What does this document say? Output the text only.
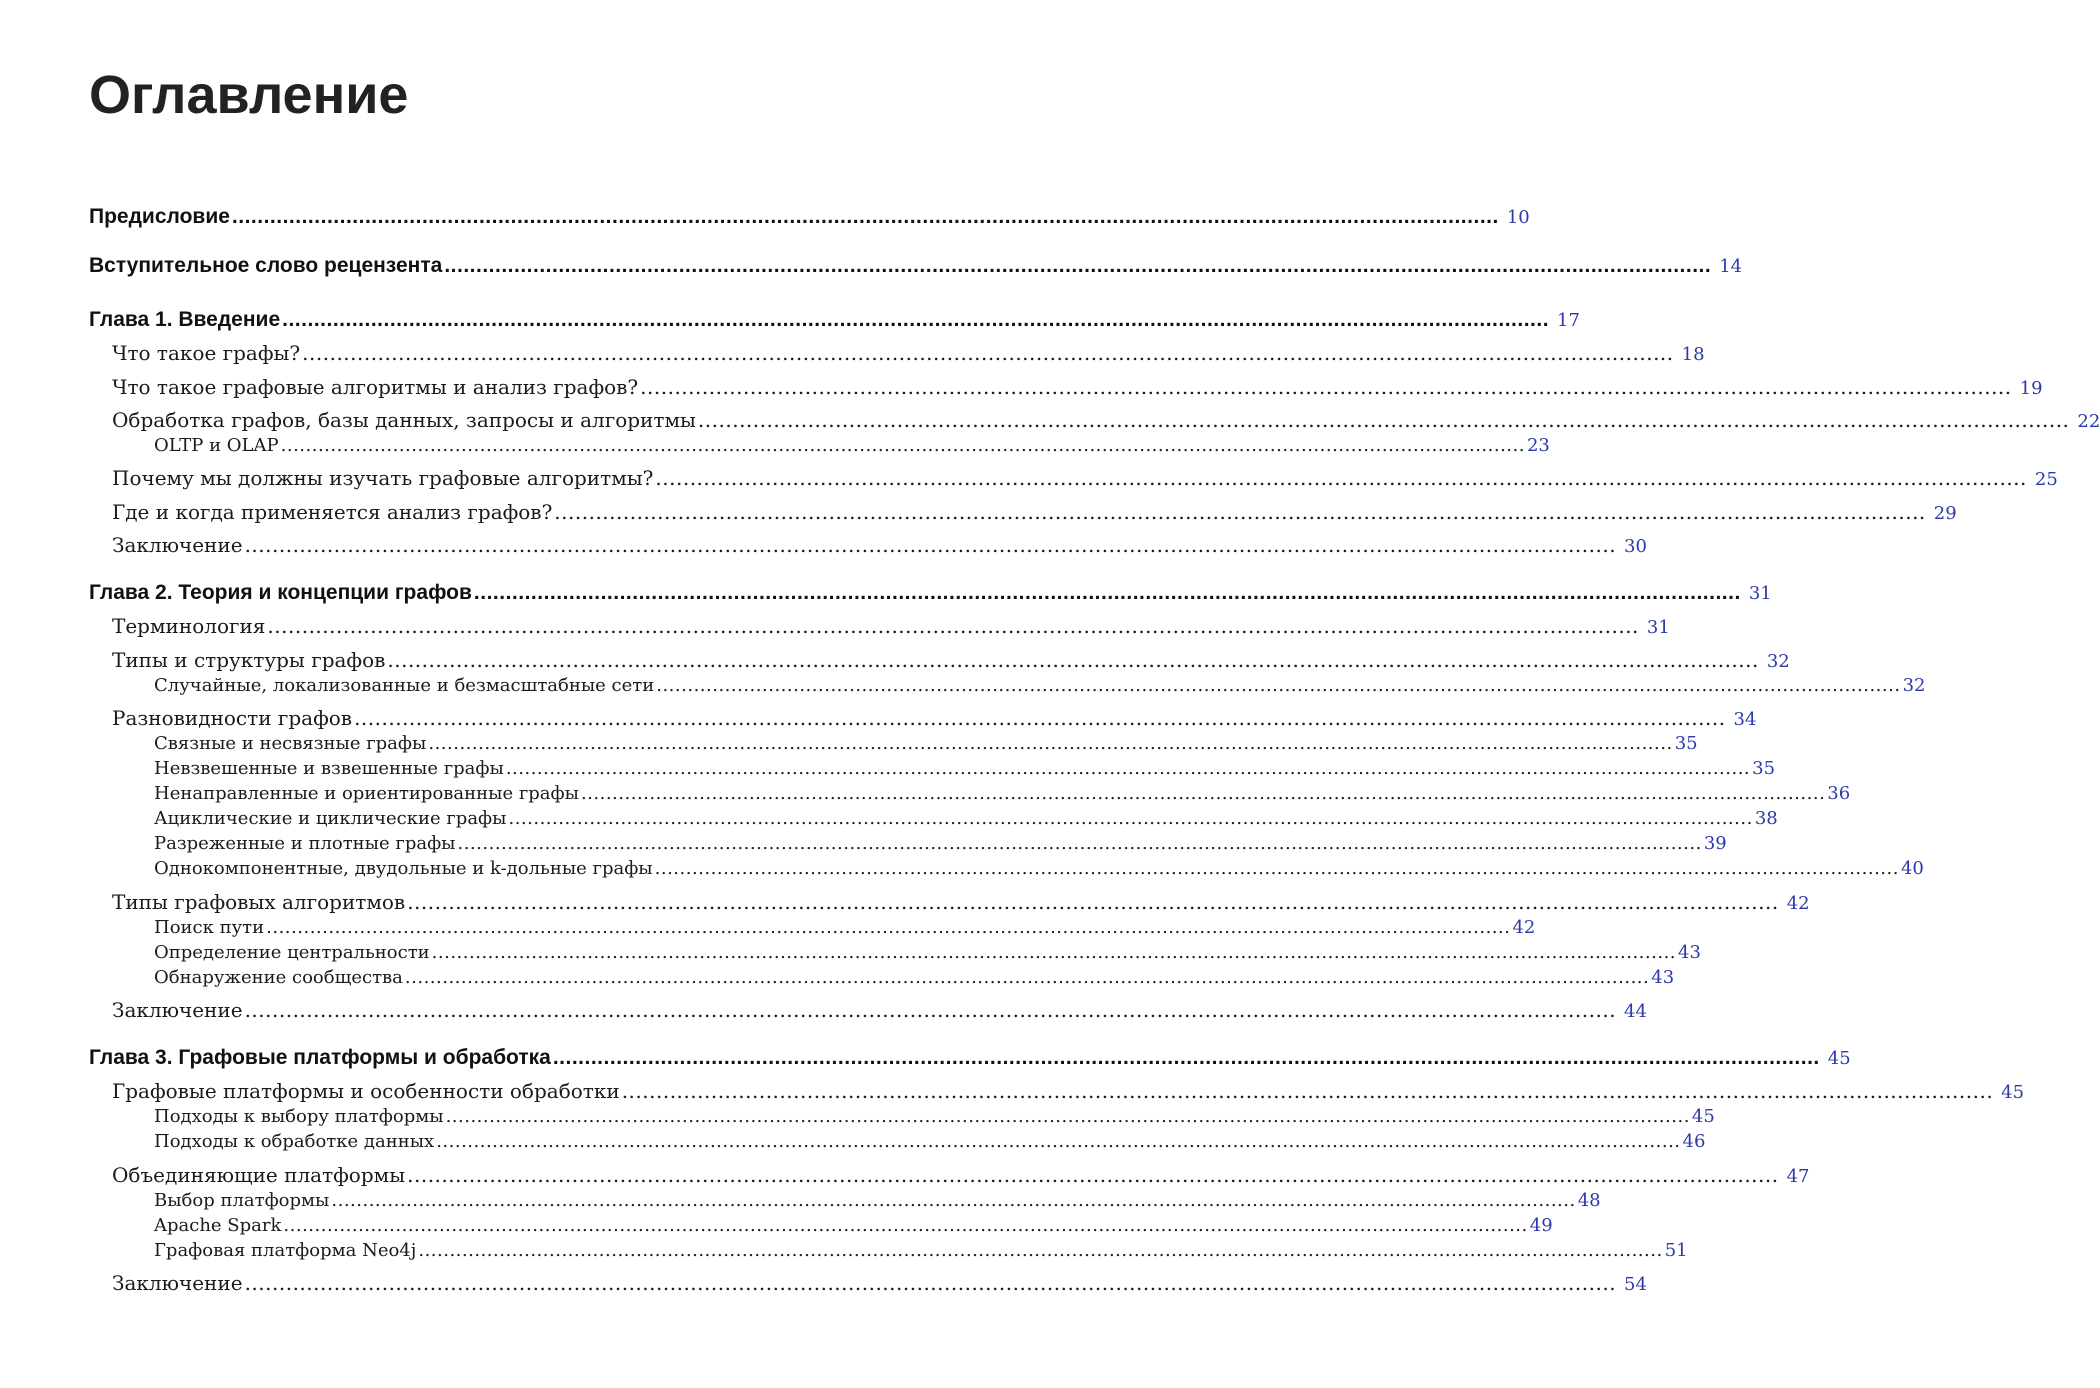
Оглавление
Предисловие ........................................................................................................................................................................................................ 10
Вступительное слово рецензента ........................................................................................................................................................................................................ 14
Глава 1. Введение ........................................................................................................................................................................................................ 17
Что такое графы? ........................................................................................................................................................................................................ 18
Что такое графовые алгоритмы и анализ графов? ........................................................................................................................................................................................................ 19
Обработка графов, базы данных, запросы и алгоритмы ........................................................................................................................................................................................................ 22
OLTP и OLAP ........................................................................................................................................................................................................ 23
Почему мы должны изучать графовые алгоритмы? ........................................................................................................................................................................................................ 25
Где и когда применяется анализ графов? ........................................................................................................................................................................................................ 29
Заключение ........................................................................................................................................................................................................ 30
Глава 2. Теория и концепции графов ........................................................................................................................................................................................................ 31
Терминология ........................................................................................................................................................................................................ 31
Типы и структуры графов ........................................................................................................................................................................................................ 32
Случайные, локализованные и безмасштабные сети ........................................................................................................................................................................................................ 32
Разновидности графов ........................................................................................................................................................................................................ 34
Связные и несвязные графы ........................................................................................................................................................................................................ 35
Невзвешенные и взвешенные графы ........................................................................................................................................................................................................ 35
Ненаправленные и ориентированные графы ........................................................................................................................................................................................................ 36
Ациклические и циклические графы ........................................................................................................................................................................................................ 38
Разреженные и плотные графы ........................................................................................................................................................................................................ 39
Однокомпонентные, двудольные и k-дольные графы ........................................................................................................................................................................................................ 40
Типы графовых алгоритмов ........................................................................................................................................................................................................ 42
Поиск пути ........................................................................................................................................................................................................ 42
Определение центральности ........................................................................................................................................................................................................ 43
Обнаружение сообщества ........................................................................................................................................................................................................ 43
Заключение ........................................................................................................................................................................................................ 44
Глава 3. Графовые платформы и обработка ........................................................................................................................................................................................................ 45
Графовые платформы и особенности обработки ........................................................................................................................................................................................................ 45
Подходы к выбору платформы ........................................................................................................................................................................................................ 45
Подходы к обработке данных ........................................................................................................................................................................................................ 46
Объединяющие платформы ........................................................................................................................................................................................................ 47
Выбор платформы ........................................................................................................................................................................................................ 48
Apache Spark ........................................................................................................................................................................................................ 49
Графовая платформа Neo4j ........................................................................................................................................................................................................ 51
Заключение ........................................................................................................................................................................................................ 54
